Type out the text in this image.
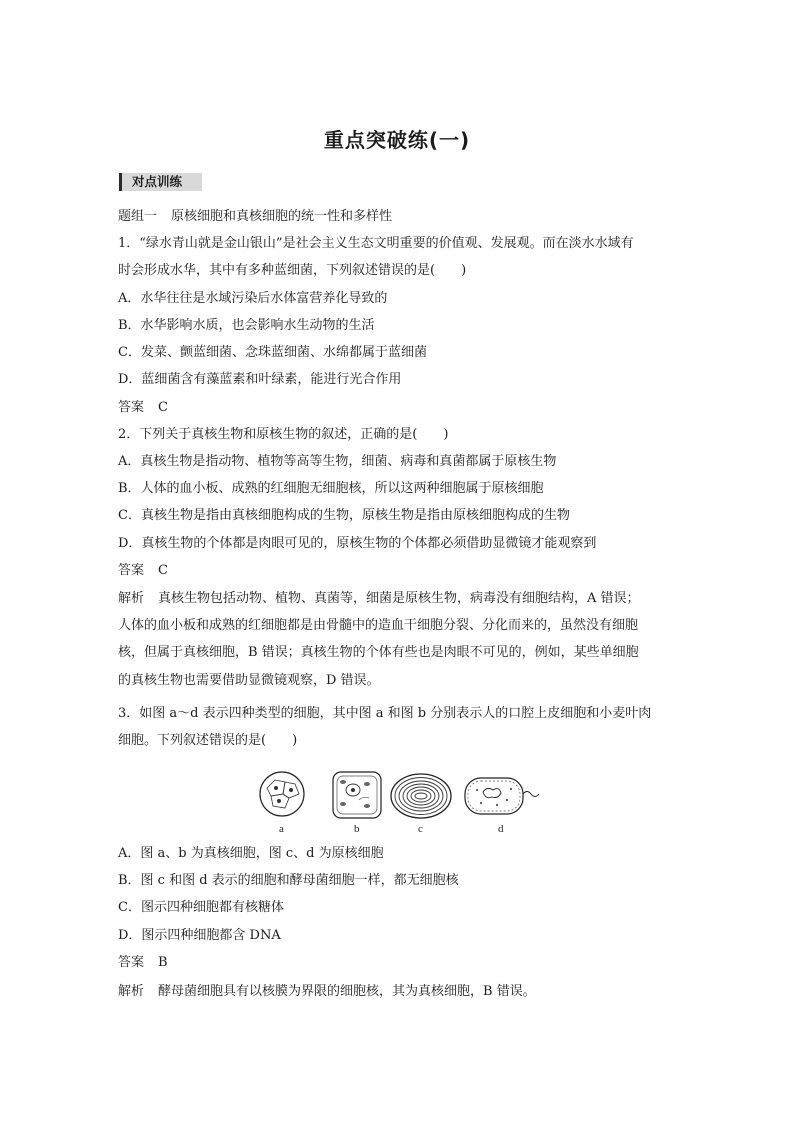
重点突破练(一)
对点训练
题组一 原核细胞和真核细胞的统一性和多样性
1．“绿水青山就是金山银山”是社会主义生态文明重要的价值观、发展观。而在淡水水域有
时会形成水华，其中有多种蓝细菌，下列叙述错误的是(　　)
A．水华往往是水域污染后水体富营养化导致的
B．水华影响水质，也会影响水生动物的生活
C．发菜、颤蓝细菌、念珠蓝细菌、水绵都属于蓝细菌
D．蓝细菌含有藻蓝素和叶绿素，能进行光合作用
答案 C
2．下列关于真核生物和原核生物的叙述，正确的是(　　)
A．真核生物是指动物、植物等高等生物，细菌、病毒和真菌都属于原核生物
B．人体的血小板、成熟的红细胞无细胞核，所以这两种细胞属于原核细胞
C．真核生物是指由真核细胞构成的生物，原核生物是指由原核细胞构成的生物
D．真核生物的个体都是肉眼可见的，原核生物的个体都必须借助显微镜才能观察到
答案 C
解析 真核生物包括动物、植物、真菌等，细菌是原核生物，病毒没有细胞结构，A 错误；
人体的血小板和成熟的红细胞都是由骨髓中的造血干细胞分裂、分化而来的，虽然没有细胞
核，但属于真核细胞，B 错误；真核生物的个体有些也是肉眼不可见的，例如，某些单细胞
的真核生物也需要借助显微镜观察，D 错误。
3．如图 a～d 表示四种类型的细胞，其中图 a 和图 b 分别表示人的口腔上皮细胞和小麦叶肉
细胞。下列叙述错误的是(　　)
a	b	c	d
A．图 a、b 为真核细胞，图 c、d 为原核细胞
B．图 c 和图 d 表示的细胞和酵母菌细胞一样，都无细胞核
C．图示四种细胞都有核糖体
D．图示四种细胞都含 DNA
答案 B
解析 酵母菌细胞具有以核膜为界限的细胞核，其为真核细胞，B 错误。
